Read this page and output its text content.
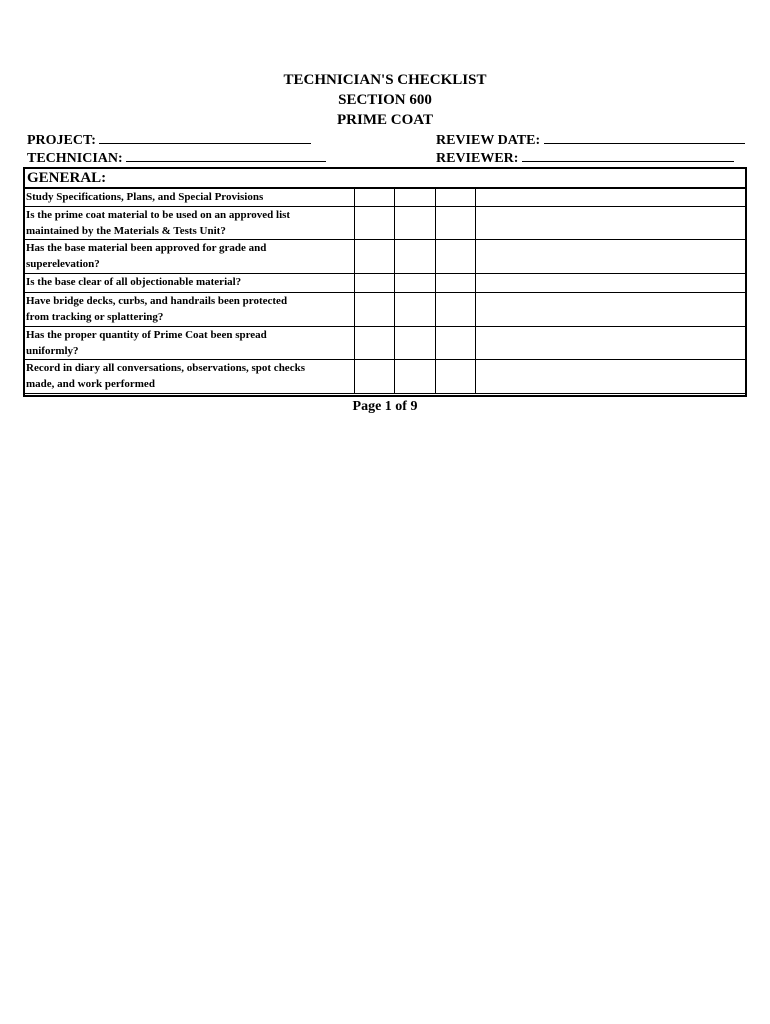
TECHNICIAN'S CHECKLIST
SECTION 600
PRIME COAT
PROJECT:
TECHNICIAN:
REVIEW DATE:
REVIEWER:
GENERAL:
Study Specifications, Plans, and Special Provisions				

Is the prime coat material to be used on an approved list
maintained by the Materials & Tests Unit?				

Has the base material been approved for grade and
superelevation?				

Is the base clear of all objectionable material?				

Have bridge decks, curbs, and handrails been protected
from tracking or splattering?				

Has the proper quantity of Prime Coat been spread
uniformly?				

Record in diary all conversations, observations, spot checks
made, and work performed				

Page 1 of 9
